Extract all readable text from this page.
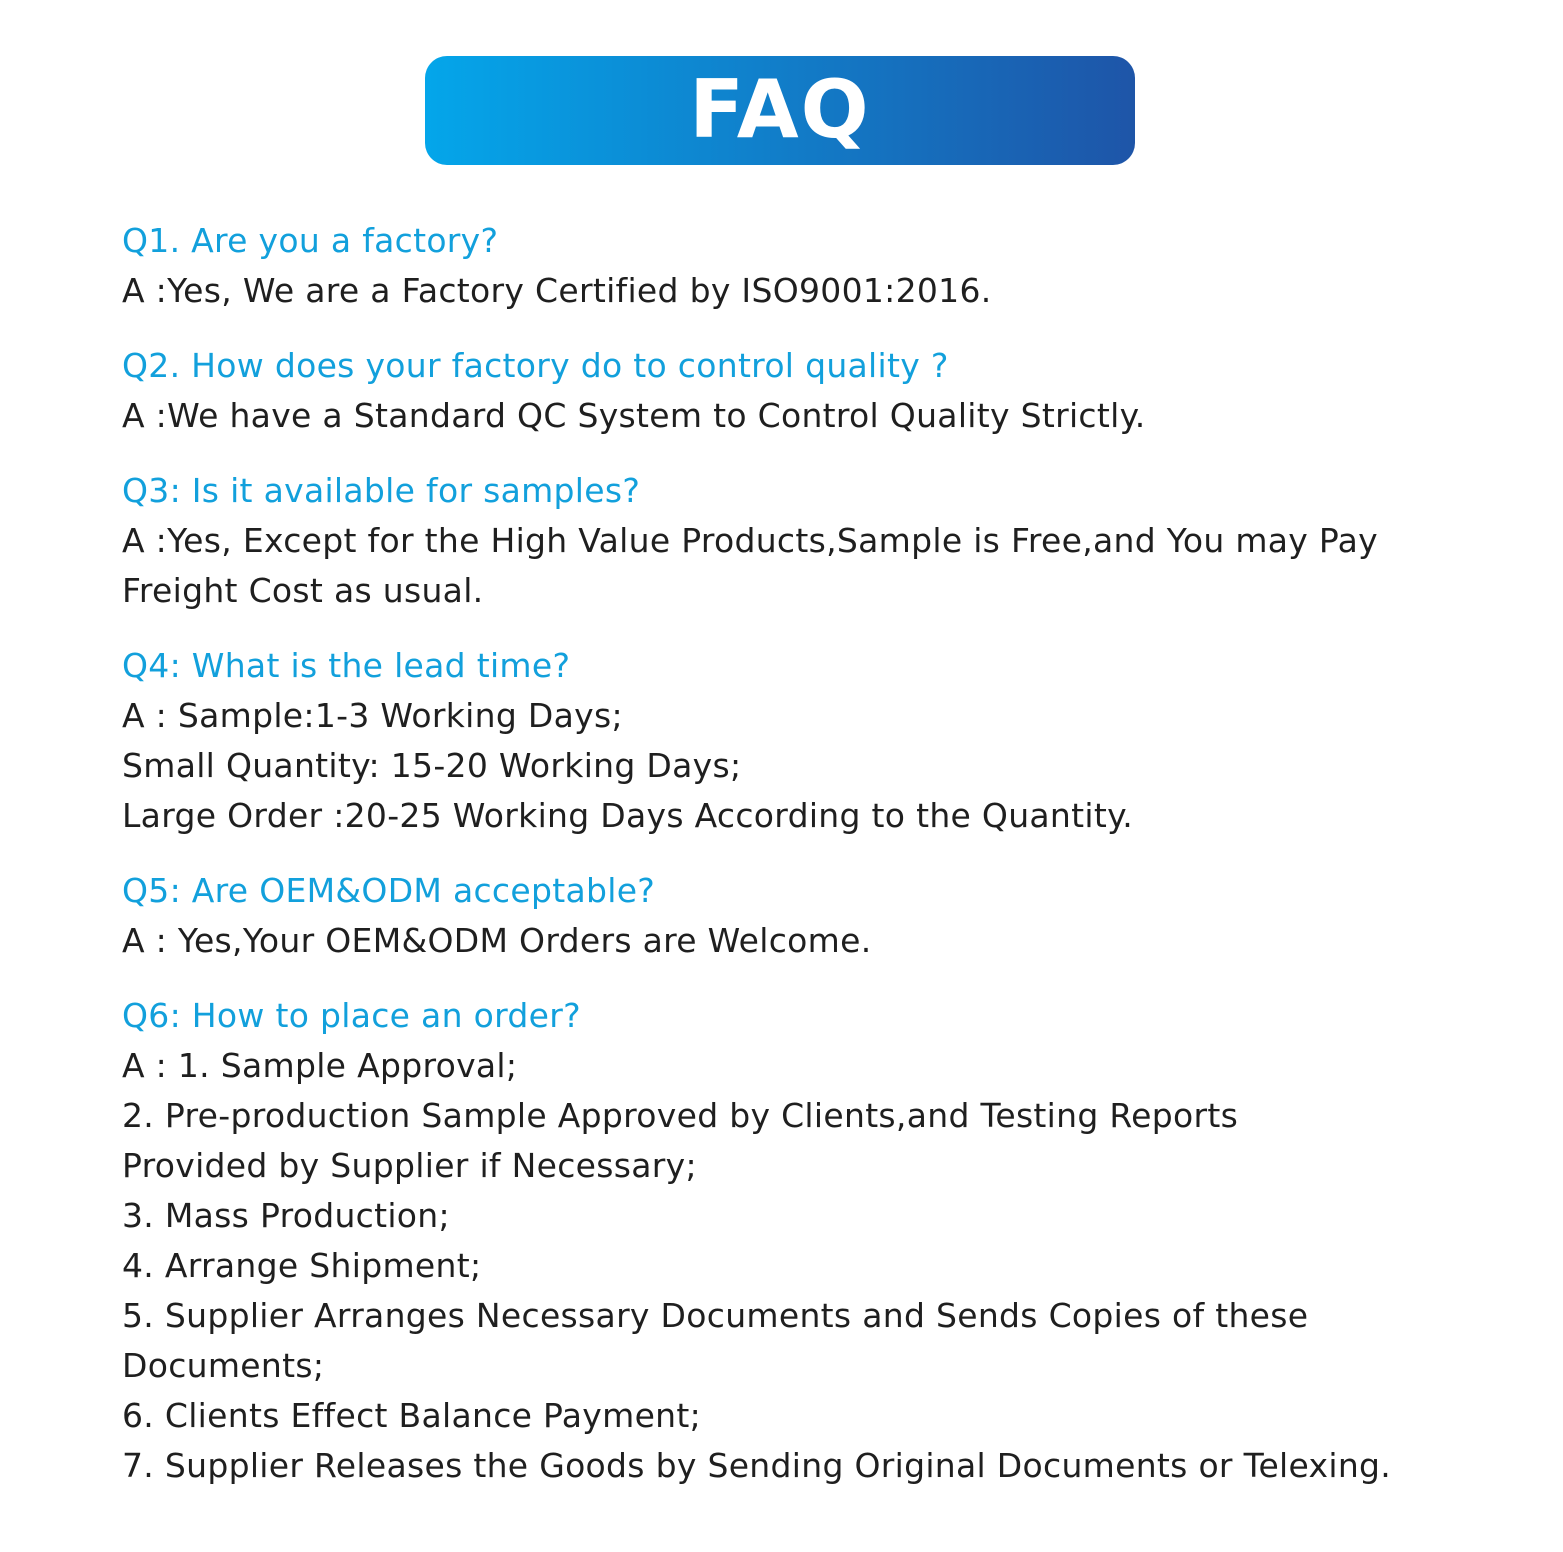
FAQ
Q1. Are you a factory?
A :Yes, We are a Factory Certified by ISO9001:2016.
Q2. How does your factory do to control quality ?
A :We have a Standard QC System to Control Quality Strictly.
Q3: Is it available for samples?
A :Yes, Except for the High Value Products,Sample is Free,and You may Pay
Freight Cost as usual.
Q4: What is the lead time?
A : Sample:1-3 Working Days;
Small Quantity: 15-20 Working Days;
Large Order :20-25 Working Days According to the Quantity.
Q5: Are OEM&ODM acceptable?
A : Yes,Your OEM&ODM Orders are Welcome.
Q6: How to place an order?
A : 1. Sample Approval;
2. Pre-production Sample Approved by Clients,and Testing Reports
Provided by Supplier if Necessary;
3. Mass Production;
4. Arrange Shipment;
5. Supplier Arranges Necessary Documents and Sends Copies of these
Documents;
6. Clients Effect Balance Payment;
7. Supplier Releases the Goods by Sending Original Documents or Telexing.
